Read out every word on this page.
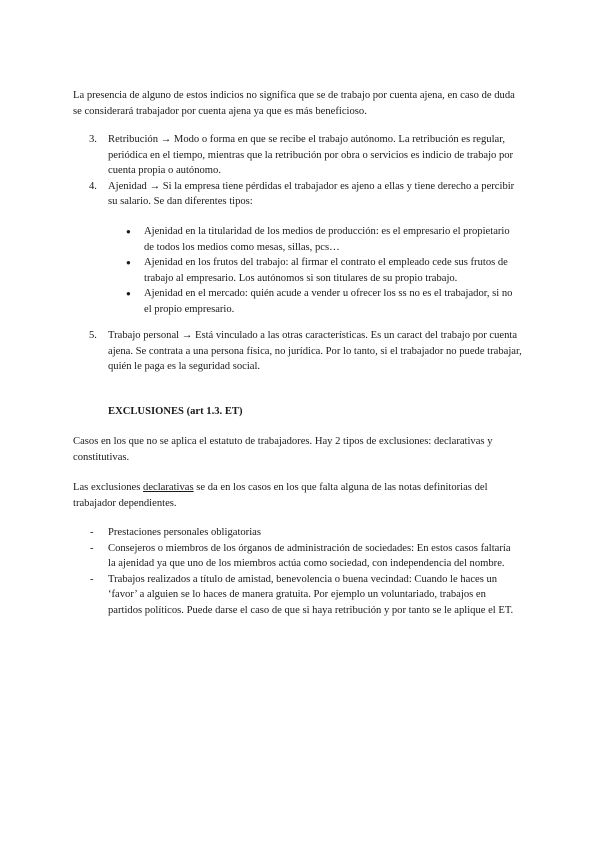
La presencia de alguno de estos indicios no significa que se de trabajo por cuenta ajena, en caso de duda se considerará trabajador por cuenta ajena ya que es más beneficioso.

3. Retribución → Modo o forma en que se recibe el trabajo autónomo. La retribución es regular, periódica en el tiempo, mientras que la retribución por obra o servicios es indicio de trabajo por cuenta propia o autónomo.
4. Ajenidad → Si la empresa tiene pérdidas el trabajador es ajeno a ellas y tiene derecho a percibir su salario. Se dan diferentes tipos:
● Ajenidad en la titularidad de los medios de producción: es el empresario el propietario de todos los medios como mesas, sillas, pcs…
● Ajenidad en los frutos del trabajo: al firmar el contrato el empleado cede sus frutos de trabajo al empresario. Los autónomos si son titulares de su propio trabajo.
● Ajenidad en el mercado: quién acude a vender u ofrecer los ss no es el trabajador, si no el propio empresario.
5. Trabajo personal → Está vinculado a las otras características. Es un caract del trabajo por cuenta ajena. Se contrata a una persona física, no jurídica. Por lo tanto, si el trabajador no puede trabajar, quién le paga es la seguridad social.

EXCLUSIONES (art 1.3. ET)

Casos en los que no se aplica el estatuto de trabajadores. Hay 2 tipos de exclusiones: declarativas y constitutivas.

Las exclusiones declarativas se da en los casos en los que falta alguna de las notas definitorias del trabajador dependientes.

- Prestaciones personales obligatorias
- Consejeros o miembros de los órganos de administración de sociedades: En estos casos faltaría la ajenidad ya que uno de los miembros actúa como sociedad, con independencia del nombre.
- Trabajos realizados a título de amistad, benevolencia o buena vecindad: Cuando le haces un ‘favor’ a alguien se lo haces de manera gratuita. Por ejemplo un voluntariado, trabajos en partidos políticos. Puede darse el caso de que si haya retribución y por tanto se le aplique el ET.
